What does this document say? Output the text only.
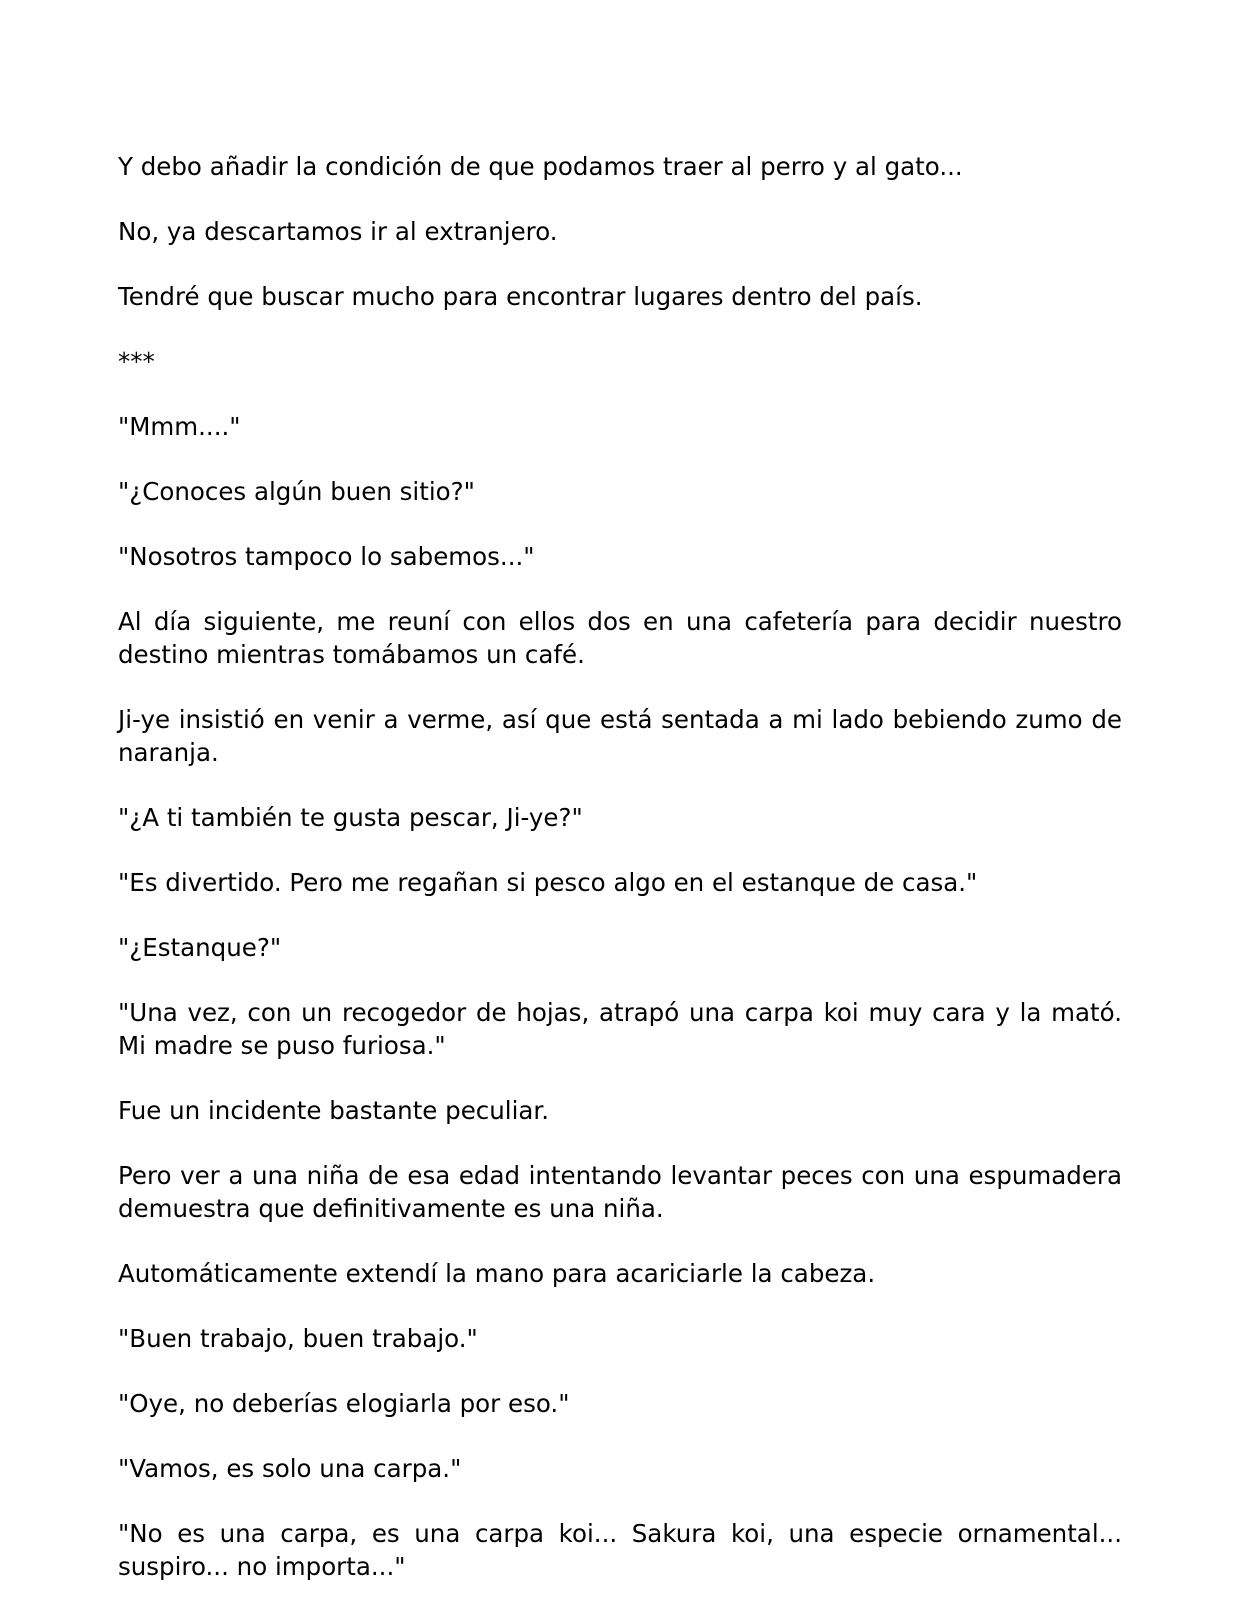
Y debo añadir la condición de que podamos traer al perro y al gato...

No, ya descartamos ir al extranjero.

Tendré que buscar mucho para encontrar lugares dentro del país.

***

"Mmm...."

"¿Conoces algún buen sitio?"

"Nosotros tampoco lo sabemos..."

Al día siguiente, me reuní con ellos dos en una cafetería para decidir nuestro destino mientras tomábamos un café.

Ji-ye insistió en venir a verme, así que está sentada a mi lado bebiendo zumo de naranja.

"¿A ti también te gusta pescar, Ji-ye?"

"Es divertido. Pero me regañan si pesco algo en el estanque de casa."

"¿Estanque?"

"Una vez, con un recogedor de hojas, atrapó una carpa koi muy cara y la mató. Mi madre se puso furiosa."

Fue un incidente bastante peculiar.

Pero ver a una niña de esa edad intentando levantar peces con una espumadera demuestra que definitivamente es una niña.

Automáticamente extendí la mano para acariciarle la cabeza.

"Buen trabajo, buen trabajo."

"Oye, no deberías elogiarla por eso."

"Vamos, es solo una carpa."

"No es una carpa, es una carpa koi... Sakura koi, una especie ornamental... suspiro... no importa..."
